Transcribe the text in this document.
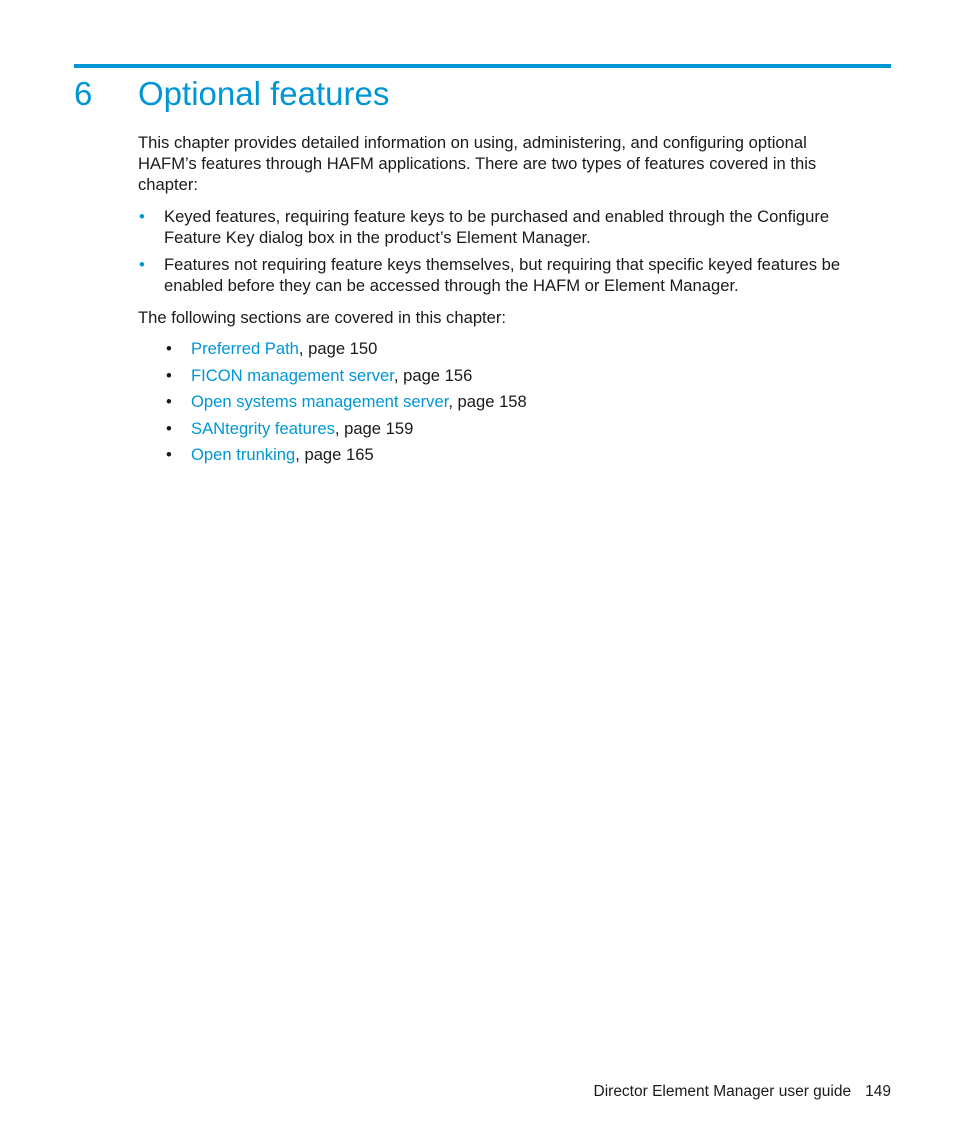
6 Optional features

This chapter provides detailed information on using, administering, and configuring optional HAFM’s features through HAFM applications. There are two types of features covered in this chapter:

• Keyed features, requiring feature keys to be purchased and enabled through the Configure Feature Key dialog box in the product’s Element Manager.
• Features not requiring feature keys themselves, but requiring that specific keyed features be enabled before they can be accessed through the HAFM or Element Manager.

The following sections are covered in this chapter:

• Preferred Path, page 150
• FICON management server, page 156
• Open systems management server, page 158
• SANtegrity features, page 159
• Open trunking, page 165
Director Element Manager user guide 149
